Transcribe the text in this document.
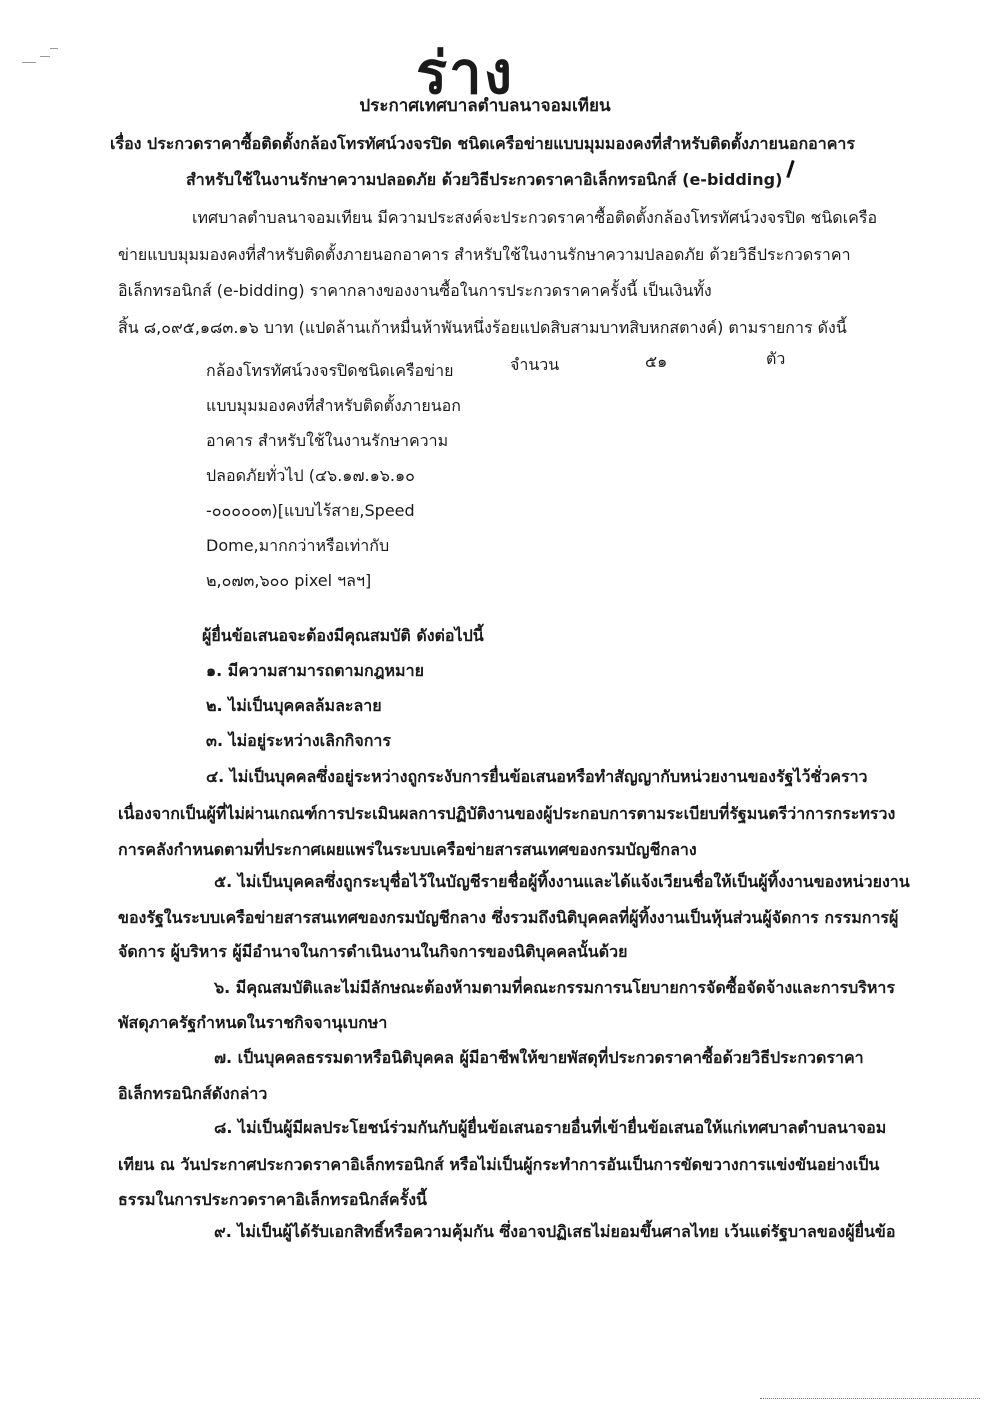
ร่าง
ประกาศเทศบาลตำบลนาจอมเทียน
เรื่อง ประกวดราคาซื้อติดตั้งกล้องโทรทัศน์วงจรปิด ชนิดเครือข่ายแบบมุมมองคงที่สำหรับติดตั้งภายนอกอาคาร
สำหรับใช้ในงานรักษาความปลอดภัย ด้วยวิธีประกวดราคาอิเล็กทรอนิกส์ (e-bidding)
เทศบาลตำบลนาจอมเทียน มีความประสงค์จะประกวดราคาซื้อติดตั้งกล้องโทรทัศน์วงจรปิด ชนิดเครือ
ข่ายแบบมุมมองคงที่สำหรับติดตั้งภายนอกอาคาร สำหรับใช้ในงานรักษาความปลอดภัย ด้วยวิธีประกวดราคา
อิเล็กทรอนิกส์ (e-bidding) ราคากลางของงานซื้อในการประกวดราคาครั้งนี้ เป็นเงินทั้ง
สิ้น ๘,๐๙๕,๑๘๓.๑๖ บาท (แปดล้านเก้าหมื่นห้าพันหนึ่งร้อยแปดสิบสามบาทสิบหกสตางค์) ตามรายการ ดังนี้
กล้องโทรทัศน์วงจรปิดชนิดเครือข่าย
แบบมุมมองคงที่สำหรับติดตั้งภายนอก
อาคาร สำหรับใช้ในงานรักษาความ
ปลอดภัยทั่วไป (๔๖.๑๗.๑๖.๑๐
-๐๐๐๐๐๓)[แบบไร้สาย,Speed
Dome,มากกว่าหรือเท่ากับ
๒,๐๗๓,๖๐๐ pixel ฯลฯ]
จำนวน	๕๑	ตัว
ผู้ยื่นข้อเสนอจะต้องมีคุณสมบัติ ดังต่อไปนี้
๑. มีความสามารถตามกฎหมาย
๒. ไม่เป็นบุคคลล้มละลาย
๓. ไม่อยู่ระหว่างเลิกกิจการ
๔. ไม่เป็นบุคคลซึ่งอยู่ระหว่างถูกระงับการยื่นข้อเสนอหรือทำสัญญากับหน่วยงานของรัฐไว้ชั่วคราว
เนื่องจากเป็นผู้ที่ไม่ผ่านเกณฑ์การประเมินผลการปฏิบัติงานของผู้ประกอบการตามระเบียบที่รัฐมนตรีว่าการกระทรวง
การคลังกำหนดตามที่ประกาศเผยแพร่ในระบบเครือข่ายสารสนเทศของกรมบัญชีกลาง
๕. ไม่เป็นบุคคลซึ่งถูกระบุชื่อไว้ในบัญชีรายชื่อผู้ทิ้งงานและได้แจ้งเวียนชื่อให้เป็นผู้ทิ้งงานของหน่วยงาน
ของรัฐในระบบเครือข่ายสารสนเทศของกรมบัญชีกลาง ซึ่งรวมถึงนิติบุคคลที่ผู้ทิ้งงานเป็นหุ้นส่วนผู้จัดการ กรรมการผู้
จัดการ ผู้บริหาร ผู้มีอำนาจในการดำเนินงานในกิจการของนิติบุคคลนั้นด้วย
๖. มีคุณสมบัติและไม่มีลักษณะต้องห้ามตามที่คณะกรรมการนโยบายการจัดซื้อจัดจ้างและการบริหาร
พัสดุภาครัฐกำหนดในราชกิจจานุเบกษา
๗. เป็นบุคคลธรรมดาหรือนิติบุคคล ผู้มีอาชีพให้ขายพัสดุที่ประกวดราคาซื้อด้วยวิธีประกวดราคา
อิเล็กทรอนิกส์ดังกล่าว
๘. ไม่เป็นผู้มีผลประโยชน์ร่วมกันกับผู้ยื่นข้อเสนอรายอื่นที่เข้ายื่นข้อเสนอให้แก่เทศบาลตำบลนาจอม
เทียน ณ วันประกาศประกวดราคาอิเล็กทรอนิกส์ หรือไม่เป็นผู้กระทำการอันเป็นการขัดขวางการแข่งขันอย่างเป็น
ธรรมในการประกวดราคาอิเล็กทรอนิกส์ครั้งนี้
๙. ไม่เป็นผู้ได้รับเอกสิทธิ์หรือความคุ้มกัน ซึ่งอาจปฏิเสธไม่ยอมขึ้นศาลไทย เว้นแต่รัฐบาลของผู้ยื่นข้อ
